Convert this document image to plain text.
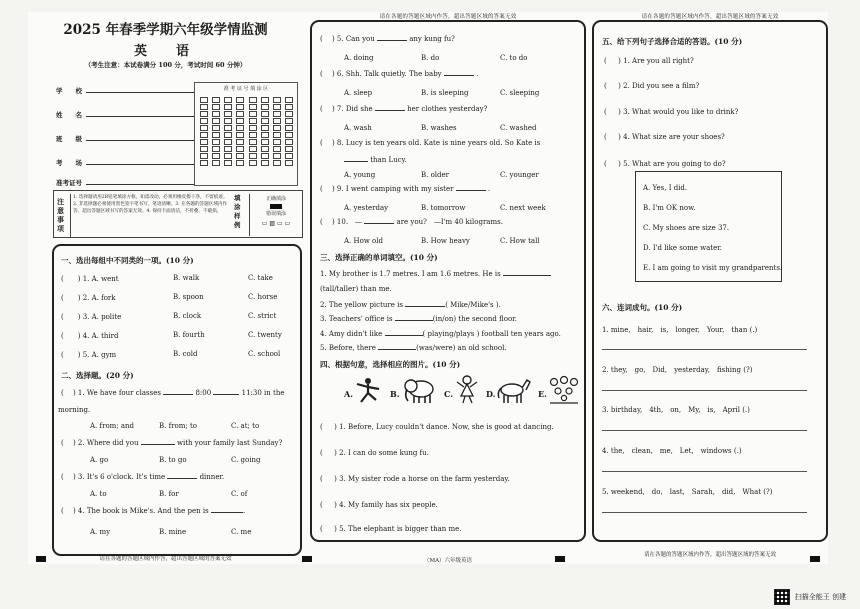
2025 年春季学期六年级学情监测
英　语
（考生注意：本试卷满分 100 分，考试时间 60 分钟）
学　　校
姓　　名
班　　级
考　　场
准考证号
准 考 证 号 填 涂 区
注意事项
1. 选择题请用2B铅笔填涂方框，如需改动，必须用橡皮擦干净，不留痕迹。2. 非选择题必须使用黑色签字笔书写，笔迹清晰。3. 在各题的答题区域内作答，超出答题区域书写的答案无效。4. 保持卡面清洁，不折叠、不破损。
填涂样例
正确填涂
错误填涂
▭ ▨ ▭ ▭
一、选出每组中不同类的一项。(10 分)
(　　) 1. A. went	B. walk	C. take
(　　) 2. A. fork	B. spoon	C. horse
(　　) 3. A. polite	B. clock	C. strict
(　　) 4. A. third	B. fourth	C. twenty
(　　) 5. A. gym	B. cold	C. school
二、选择题。(20 分)
( 　) 1. We have four classes	8:00	11:30 in the
morning.
A. from; and	B. from; to	C. at; to
( 　) 2. Where did you	with your family last Sunday?
A. go	B. to go	C. going
( 　) 3. It's 6 o'clock. It's time	dinner.
A. to	B. for	C. of
( 　) 4. The book is Mike's. And the pen is	.
A. my	B. mine	C. me
请在各题的答题区域内作答，超出答题区域的答案无效
( 　) 5. Can you	any kung fu?
A. doing	B. do	C. to do
( 　) 6. Shh. Talk quietly. The baby	.
A. sleep	B. is sleeping	C. sleeping
( 　) 7. Did she	her clothes yesterday?
A. wash	B. washes	C. washed
( 　) 8. Lucy is ten years old. Kate is nine years old. So Kate is
than Lucy.
A. young	B. older	C. younger
( 　) 9. I went camping with my sister	.
A. yesterday	B. tomorrow	C. next week
( 　) 10.　—	are you?　—I'm 40 kilograms.
A. How old	B. How heavy	C. How tall
三、选择正确的单词填空。(10 分)
1. My brother is 1.7 metres. I am 1.6 metres. He is
(tall/taller) than me.
2. The yellow picture is	( Mike/Mike's ).
3. Teachers' office is	(in/on) the second floor.
4. Amy didn't like	( playing/plays ) football ten years ago.
5. Before, there	(was/were) an old school.
四、根据句意，选择相应的图片。(10 分)
A.	B.	C.	D.	E.
( 　 ) 1. Before, Lucy couldn't dance. Now, she is good at dancing.
( 　 ) 2. I can do some kung fu.
( 　 ) 3. My sister rode a horse on the farm yesterday.
( 　 ) 4. My family has six people.
( 　 ) 5. The elephant is bigger than me.
（MA）六年级英语
请在各题的答题区域内作答，超出答题区域的答案无效
五、给下列句子选择合适的答语。(10 分)
( 　 ) 1. Are you all right?
( 　 ) 2. Did you see a film?
( 　 ) 3. What would you like to drink?
( 　 ) 4. What size are your shoes?
( 　 ) 5. What are you going to do?
A. Yes, I did.
B. I'm OK now.
C. My shoes are size 37.
D. I'd like some water.
E. I am going to visit my grandparents.
六、连词成句。(10 分)
1. mine,　hair,　is,　longer,　Your,　than (.)
2. they,　go,　Did,　yesterday,　fishing (?)
3. birthday,　4th,　on,　My,　is,　April (.)
4. the,　clean,　me,　Let,　windows (.)
5. weekend,　do,　last,　Sarah,　did,　What (?)
请在各题的答题区域内作答，超出答题区域的答案无效
请在各题的答题区域内作答，超出答题区域的答案无效
扫描全能王 创建
